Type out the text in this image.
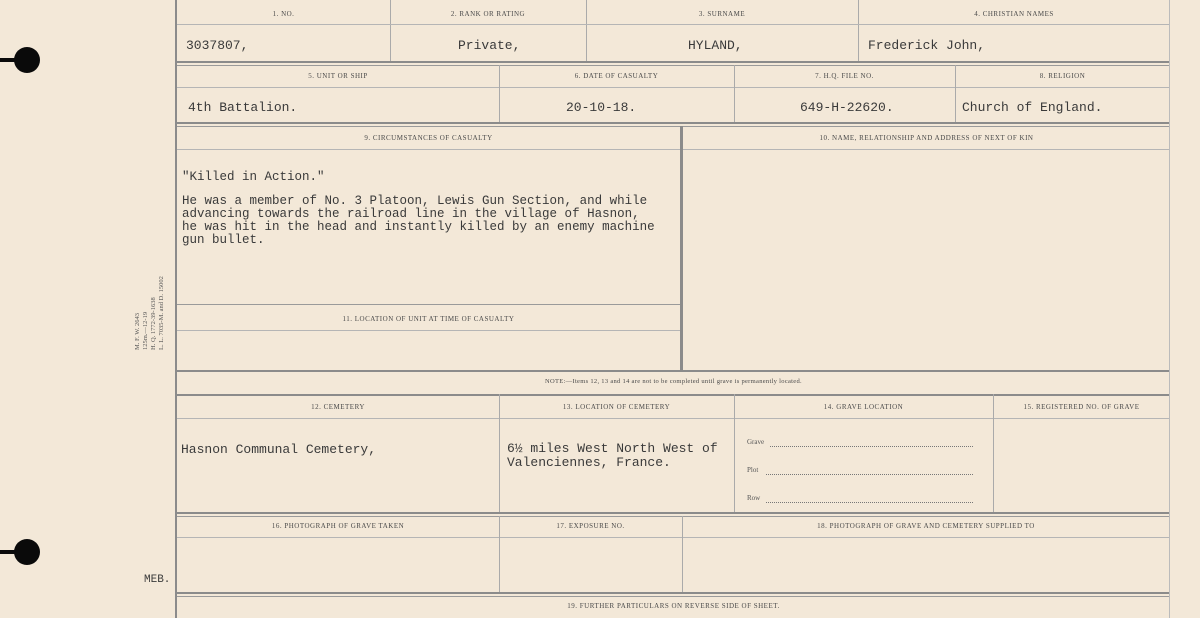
M. F. W. 2643 125m.—12-19 H. Q. 1772-39-1638 L. L. 7035-M. and D. 15002
MEB.
1. NO.	2. RANK OR RATING	3. SURNAME	4. CHRISTIAN NAMES
3037807,	Private,	HYLAND,	Frederick John,
5. UNIT OR SHIP	6. DATE OF CASUALTY	7. H.Q. FILE NO.	8. RELIGION
4th Battalion.	20-10-18.	649-H-22620.	Church of England.
9. CIRCUMSTANCES OF CASUALTY	10. NAME, RELATIONSHIP AND ADDRESS OF NEXT OF KIN
"Killed in Action."
He was a member of No. 3 Platoon, Lewis Gun Section, and while
advancing towards the railroad line in the village of Hasnon,
he was hit in the head and instantly killed by an enemy machine
gun bullet.
11. LOCATION OF UNIT AT TIME OF CASUALTY
NOTE:—Items 12, 13 and 14 are not to be completed until grave is permanently located.
12. CEMETERY	13. LOCATION OF CEMETERY	14. GRAVE LOCATION	15. REGISTERED NO. OF GRAVE
Hasnon Communal Cemetery,	6½ miles West North West of
Valenciennes, France.
Grave
Plot
Row
16. PHOTOGRAPH OF GRAVE TAKEN	17. EXPOSURE NO.	18. PHOTOGRAPH OF GRAVE AND CEMETERY SUPPLIED TO
19. FURTHER PARTICULARS ON REVERSE SIDE OF SHEET.
